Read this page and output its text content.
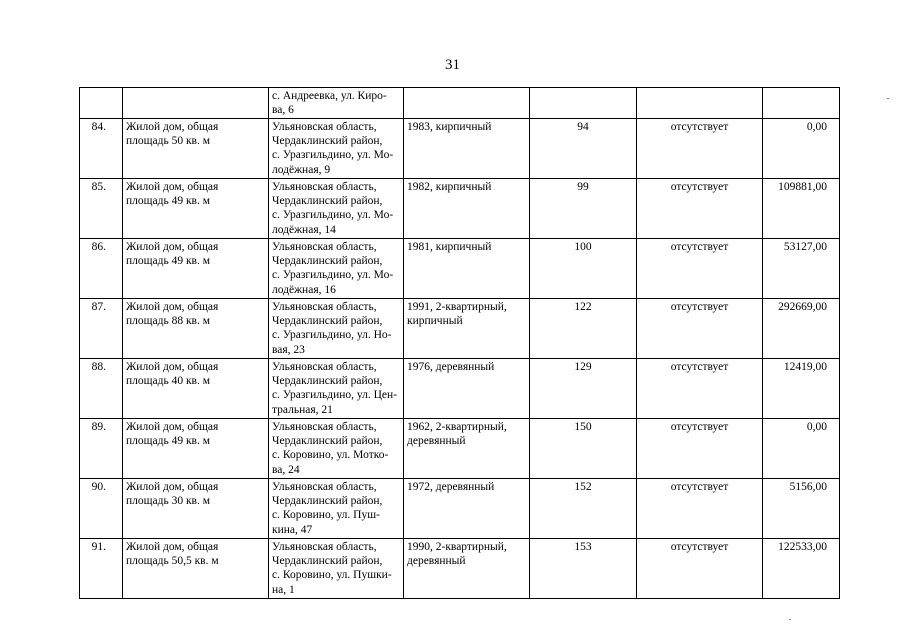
31

		с. Андреевка, ул. Киро-
ва, 6				

84.	Жилой дом, общая
площадь 50 кв. м	Ульяновская область,
Чердаклинский район,
с. Уразгильдино, ул. Мо-
лодёжная, 9	1983, кирпичный	94	отсутствует	0,00
85.	Жилой дом, общая
площадь 49 кв. м	Ульяновская область,
Чердаклинский район,
с. Уразгильдино, ул. Мо-
лодёжная, 14	1982, кирпичный	99	отсутствует	109881,00
86.	Жилой дом, общая
площадь 49 кв. м	Ульяновская область,
Чердаклинский район,
с. Уразгильдино, ул. Мо-
лодёжная, 16	1981, кирпичный	100	отсутствует	53127,00
87.	Жилой дом, общая
площадь 88 кв. м	Ульяновская область,
Чердаклинский район,
с. Уразгильдино, ул. Но-
вая, 23	1991, 2-квартирный,
кирпичный	122	отсутствует	292669,00
88.	Жилой дом, общая
площадь 40 кв. м	Ульяновская область,
Чердаклинский район,
с. Уразгильдино, ул. Цен-
тральная, 21	1976, деревянный	129	отсутствует	12419,00
89.	Жилой дом, общая
площадь 49 кв. м	Ульяновская область,
Чердаклинский район,
с. Коровино, ул. Мотко-
ва, 24	1962, 2-квартирный,
деревянный	150	отсутствует	0,00
90.	Жилой дом, общая
площадь 30 кв. м	Ульяновская область,
Чердаклинский район,
с. Коровино, ул. Пуш-
кина, 47	1972, деревянный	152	отсутствует	5156,00
91.	Жилой дом, общая
площадь 50,5 кв. м	Ульяновская область,
Чердаклинский район,
с. Коровино, ул. Пушки-
на, 1	1990, 2-квартирный,
деревянный	153	отсутствует	122533,00
